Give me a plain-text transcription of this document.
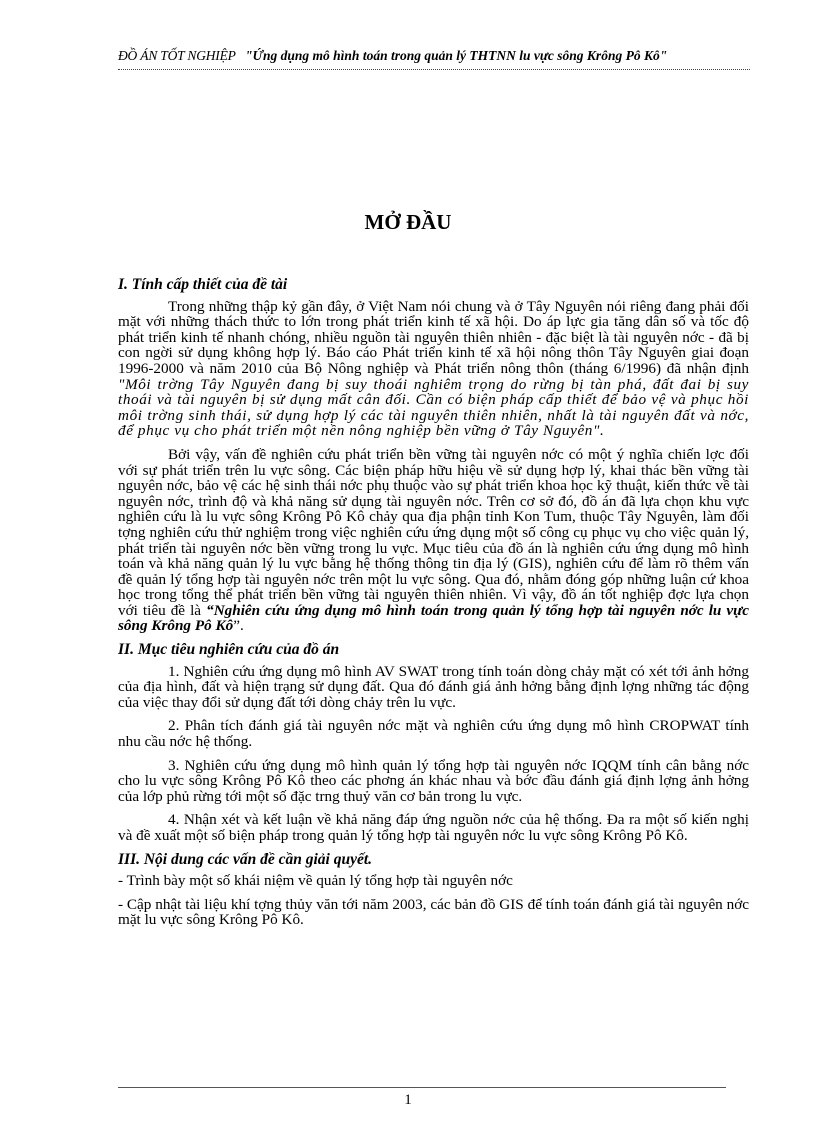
ĐỒ ÁN TỐT NGHIỆP "Ứng dụng mô hình toán trong quản lý THTNN lu vực sông Krông Pô Kô"
MỞ ĐẦU
I. Tính cấp thiết của đề tài

Trong những thập kỷ gần đây, ở Việt Nam nói chung và ở Tây Nguyên nói riêng đang phải đối mặt với những thách thức to lớn trong phát triển kinh tế xã hội. Do áp lực gia tăng dân số và tốc độ phát triển kinh tế nhanh chóng, nhiều nguồn tài nguyên thiên nhiên - đặc biệt là tài nguyên nớc - đã bị con ngời sử dụng không hợp lý. Báo cáo Phát triển kinh tế xã hội nông thôn Tây Nguyên giai đoạn 1996-2000 và năm 2010 của Bộ Nông nghiệp và Phát triển nông thôn (tháng 6/1996) đã nhận định "Môi trờng Tây Nguyên đang bị suy thoái nghiêm trọng do rừng bị tàn phá, đất đai bị suy thoái và tài nguyên bị sử dụng mất cân đối. Cần có biện pháp cấp thiết để bảo vệ và phục hồi môi trờng sinh thái, sử dụng hợp lý các tài nguyên thiên nhiên, nhất là tài nguyên đất và nớc, để phục vụ cho phát triển một nền nông nghiệp bền vững ở Tây Nguyên".

Bởi vậy, vấn đề nghiên cứu phát triển bền vững tài nguyên nớc có một ý nghĩa chiến lợc đối với sự phát triển trên lu vực sông. Các biện pháp hữu hiệu về sử dụng hợp lý, khai thác bền vững tài nguyên nớc, bảo vệ các hệ sinh thái nớc phụ thuộc vào sự phát triển khoa học kỹ thuật, kiến thức về tài nguyên nớc, trình độ và khả năng sử dụng tài nguyên nớc. Trên cơ sở đó, đồ án đã lựa chọn khu vực nghiên cứu là lu vực sông Krông Pô Kô chảy qua địa phận tỉnh Kon Tum, thuộc Tây Nguyên, làm đối tợng nghiên cứu thử nghiệm trong việc nghiên cứu ứng dụng một số công cụ phục vụ cho việc quản lý, phát triển tài nguyên nớc bền vững trong lu vực. Mục tiêu của đồ án là nghiên cứu ứng dụng mô hình toán và khả năng quản lý lu vực bằng hệ thống thông tin địa lý (GIS), nghiên cứu để làm rõ thêm vấn đề quản lý tổng hợp tài nguyên nớc trên một lu vực sông. Qua đó, nhằm đóng góp những luận cứ khoa học trong tổng thể phát triển bền vững tài nguyên thiên nhiên. Vì vậy, đồ án tốt nghiệp đợc lựa chọn với tiêu đề là “Nghiên cứu ứng dụng mô hình toán trong quản lý tổng hợp tài nguyên nớc lu vực sông Krông Pô Kô”.

II. Mục tiêu nghiên cứu của đồ án

1. Nghiên cứu ứng dụng mô hình AV SWAT trong tính toán dòng chảy mặt có xét tới ảnh hởng của địa hình, đất và hiện trạng sử dụng đất. Qua đó đánh giá ảnh hởng bằng định lợng những tác động của việc thay đổi sử dụng đất tới dòng chảy trên lu vực.

2. Phân tích đánh giá tài nguyên nớc mặt và nghiên cứu ứng dụng mô hình CROPWAT tính nhu cầu nớc hệ thống.

3. Nghiên cứu ứng dụng mô hình quản lý tổng hợp tài nguyên nớc IQQM tính cân bằng nớc cho lu vực sông Krông Pô Kô theo các phơng án khác nhau và bớc đầu đánh giá định lợng ảnh hởng của lớp phủ rừng tới một số đặc trng thuỷ văn cơ bản trong lu vực.

4. Nhận xét và kết luận về khả năng đáp ứng nguồn nớc của hệ thống. Đa ra một số kiến nghị và đề xuất một số biện pháp trong quản lý tổng hợp tài nguyên nớc lu vực sông Krông Pô Kô.

III. Nội dung các vấn đề cần giải quyết.

- Trình bày một số khái niệm về quản lý tổng hợp tài nguyên nớc

- Cập nhật tài liệu khí tợng thủy văn tới năm 2003, các bản đồ GIS để tính toán đánh giá tài nguyên nớc mặt lu vực sông Krông Pô Kô.

1
